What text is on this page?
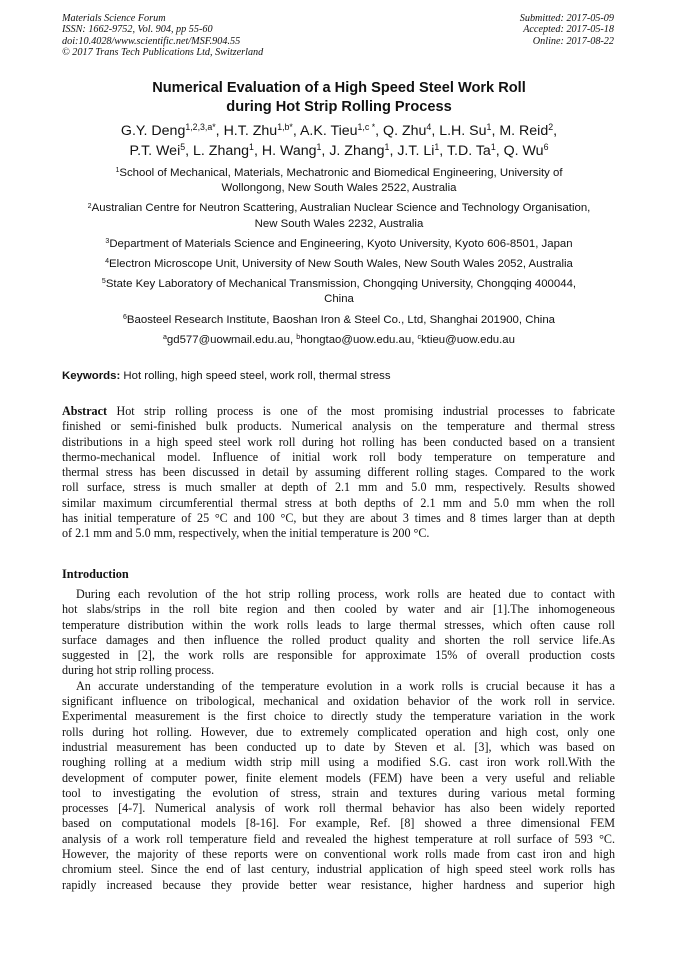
Materials Science Forum
ISSN: 1662-9752, Vol. 904, pp 55-60
doi:10.4028/www.scientific.net/MSF.904.55
© 2017 Trans Tech Publications Ltd, Switzerland
Submitted: 2017-05-09
Accepted: 2017-05-18
Online: 2017-08-22
Numerical Evaluation of a High Speed Steel Work Roll
during Hot Strip Rolling Process
G.Y. Deng$^{1,2,3,a*}$, H.T. Zhu$^{1,b*}$, A.K. Tieu$^{1,c *}$, Q. Zhu$^4$, L.H. Su$^1$, M. Reid$^2$,
P.T. Wei$^5$, L. Zhang$^1$, H. Wang$^1$, J. Zhang$^1$, J.T. Li$^1$, T.D. Ta$^1$, Q. Wu$^6$
$^1$School of Mechanical, Materials, Mechatronic and Biomedical Engineering, University of
Wollongong, New South Wales 2522, Australia
$^2$Australian Centre for Neutron Scattering, Australian Nuclear Science and Technology Organisation,
New South Wales 2232, Australia
$^3$Department of Materials Science and Engineering, Kyoto University, Kyoto 606-8501, Japan
$^4$Electron Microscope Unit, University of New South Wales, New South Wales 2052, Australia
$^5$State Key Laboratory of Mechanical Transmission, Chongqing University, Chongqing 400044,
China
$^6$Baosteel Research Institute, Baoshan Iron & Steel Co., Ltd, Shanghai 201900, China
$^a$gd577@uowmail.edu.au, $^b$hongtao@uow.edu.au, $^c$ktieu@uow.edu.au
Keywords: Hot rolling, high speed steel, work roll, thermal stress
Abstract Hot strip rolling process is one of the most promising industrial processes to fabricate
finished or semi-finished bulk products. Numerical analysis on the temperature and thermal stress
distributions in a high speed steel work roll during hot rolling has been conducted based on a transient
thermo-mechanical model. Influence of initial work roll body temperature on temperature and
thermal stress has been discussed in detail by assuming different rolling stages. Compared to the work
roll surface, stress is much smaller at depth of 2.1 mm and 5.0 mm, respectively. Results showed
similar maximum circumferential thermal stress at both depths of 2.1 mm and 5.0 mm when the roll
has initial temperature of 25 °C and 100 °C, but they are about 3 times and 8 times larger than at depth
of 2.1 mm and 5.0 mm, respectively, when the initial temperature is 200 °C.
Introduction
During each revolution of the hot strip rolling process, work rolls are heated due to contact with
hot slabs/strips in the roll bite region and then cooled by water and air [1].The inhomogeneous
temperature distribution within the work rolls leads to large thermal stresses, which often cause roll
surface damages and then influence the rolled product quality and shorten the roll service life.As
suggested in [2], the work rolls are responsible for approximate 15% of overall production costs
during hot strip rolling process.
An accurate understanding of the temperature evolution in a work rolls is crucial because it has a
significant influence on tribological, mechanical and oxidation behavior of the work roll in service.
Experimental measurement is the first choice to directly study the temperature variation in the work
rolls during hot rolling. However, due to extremely complicated operation and high cost, only one
industrial measurement has been conducted up to date by Steven et al. [3], which was based on
roughing rolling at a medium width strip mill using a modified S.G. cast iron work roll.With the
development of computer power, finite element models (FEM) have been a very useful and reliable
tool to investigating the evolution of stress, strain and textures during various metal forming
processes [4-7]. Numerical analysis of work roll thermal behavior has also been widely reported
based on computational models [8-16]. For example, Ref. [8] showed a three dimensional FEM
analysis of a work roll temperature field and revealed the highest temperature at roll surface of 593 °C.
However, the majority of these reports were on conventional work rolls made from cast iron and high
chromium steel. Since the end of last century, industrial application of high speed steel work rolls has
rapidly increased because they provide better wear resistance, higher hardness and superior high
